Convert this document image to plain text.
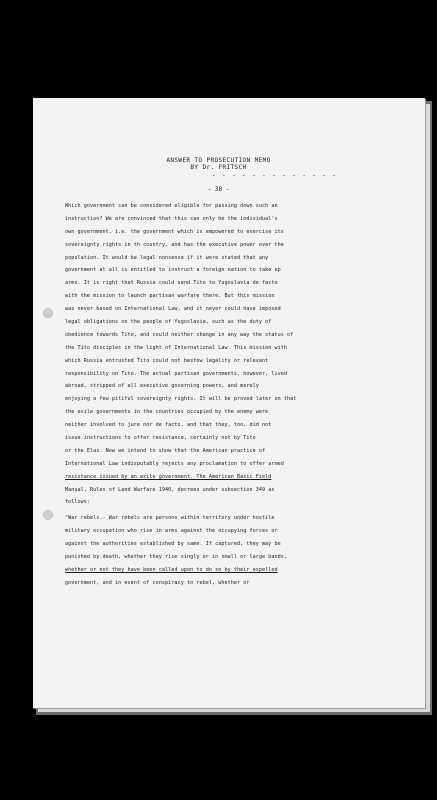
ANSWER TO PROSECUTION MEMO
BY Dr. FRITSCH
- - - - - - - - - - - - -
- 38 -
Which government can be considered eligible for passing down such an
instruction? We are convinced that this can only be the individual's
own government, i.e. the government which is empowered to exercise its
sovereignty rights in th country, and has the executive power over the
population. It would be legal nonsense if it were stated that any
government at all is entitled to instruct a foreign nation to take up
arms. It is right that Russia could send Tito to Yugoslavia de facto
with the mission to launch partisan warfare there. But this mission
was never based on International Law, and it never could have imposed
legal obligations on the people of Yugoslavia, such as the duty of
obedience towards Tito, and could neither change in any way the status of
the Tito disciples in the light of International Law. This mission with
which Russia entrusted Tito could not bestow legality or relevant
responsibility on Tito. The actual partisan governments, however, lived
abroad, stripped of all executive governing powers, and merely
enjoying a few pitiful sovereignty rights. It will be proved later on that
the exile governments in the countries occupied by the enemy were
neither involved to jure nor de facto, and that they, too, did not
issue instructions to offer resistance, certainly not by Tito
or the Elas. Now we intend to show that the American practice of
International Law indisputably rejects any proclamation to offer armed
resistance issued by an exile government. The American Basic Field
Manual, Rules of Land Warfare 1940, decrees under subsection 349 as
follows:
"War rebels.- War rebels are persons within territory under hostile
military occupation who rise in arms against the occupying forces or
against the authorities established by same. If captured, they may be
punished by death, whether they rise singly or in small or large bands,
whether or not they have been called upon to do so by their expelled
government, and in event of conspiracy to rebel, whether or
